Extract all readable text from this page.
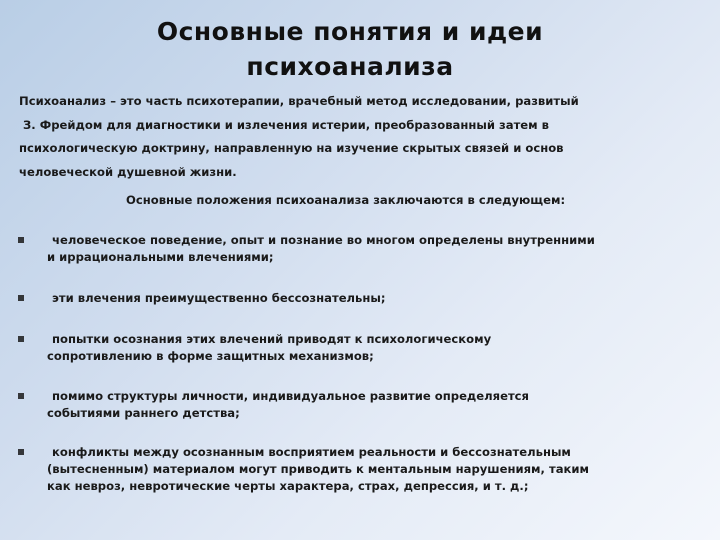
Основные понятия и идеи
психоанализа
Психоанализ – это часть психотерапии, врачебный метод исследовании, развитый
З. Фрейдом для диагностики и излечения истерии, преобразованный затем в
психологическую доктрину, направленную на изучение скрытых связей и основ
человеческой душевной жизни.
Основные положения психоанализа заключаются в следующем:
человеческое поведение, опыт и познание во многом определены внутренними
и иррациональными влечениями;
эти влечения преимущественно бессознательны;
попытки осознания этих влечений приводят к психологическому
сопротивлению в форме защитных механизмов;
помимо структуры личности, индивидуальное развитие определяется
событиями раннего детства;
конфликты между осознанным восприятием реальности и бессознательным
(вытесненным) материалом могут приводить к ментальным нарушениям, таким
как невроз, невротические черты характера, страх, депрессия, и т. д.;
